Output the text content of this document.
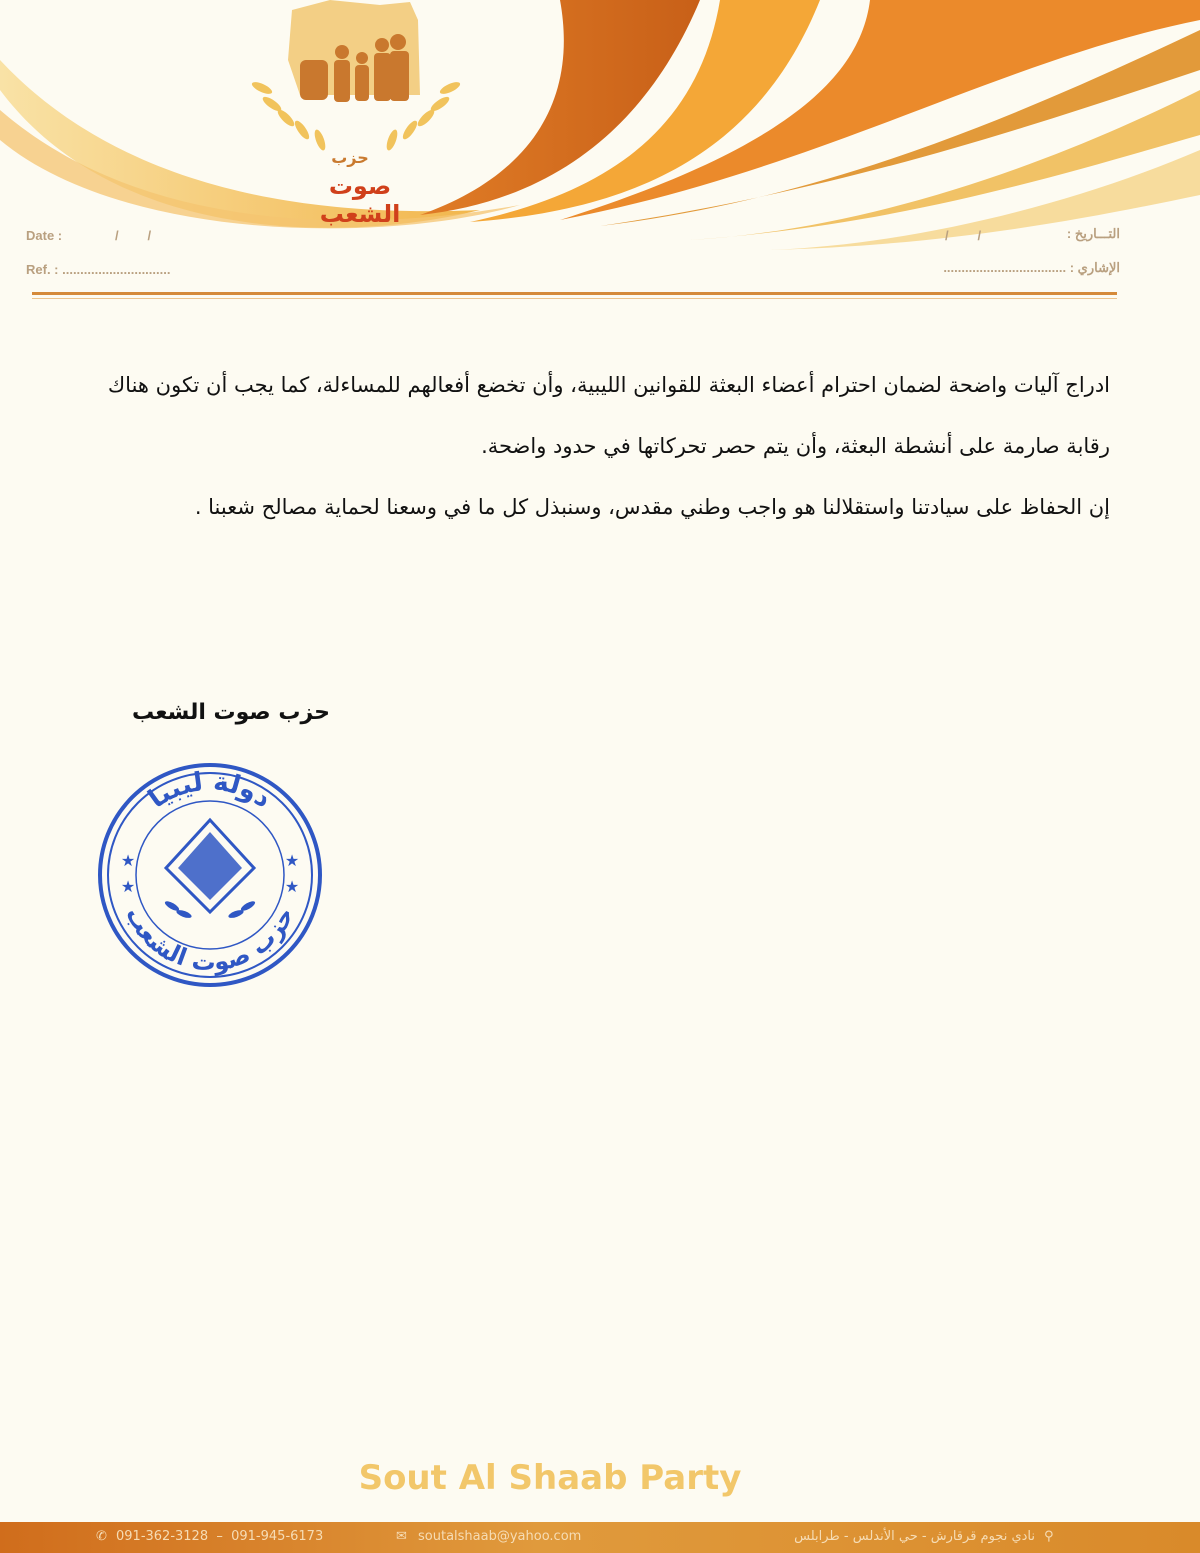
حزب
صوت الشعب
Date :	/        /
Ref. : ..............................
/        /	التـــاريخ :
الإشاري : ..................................

ادراج آليات واضحة لضمان احترام أعضاء البعثة للقوانين الليبية، وأن تخضع أفعالهم للمساءلة، كما يجب أن تكون هناك رقابة صارمة على أنشطة البعثة، وأن يتم حصر تحركاتها في حدود واضحة.

إن الحفاظ على سيادتنا واستقلالنا هو واجب وطني مقدس، وسنبذل كل ما في وسعنا لحماية مصالح شعبنا .

حزب صوت الشعب
دولة ليبيا
حزب صوت الشعب
★
★
★
★
Sout Al Shaab Party
✆ 091-362-3128  –  091-945-6173	✉ soutalshaab@yahoo.com	نادي نجوم قرقارش - حي الأندلس - طرابلس ⚲
